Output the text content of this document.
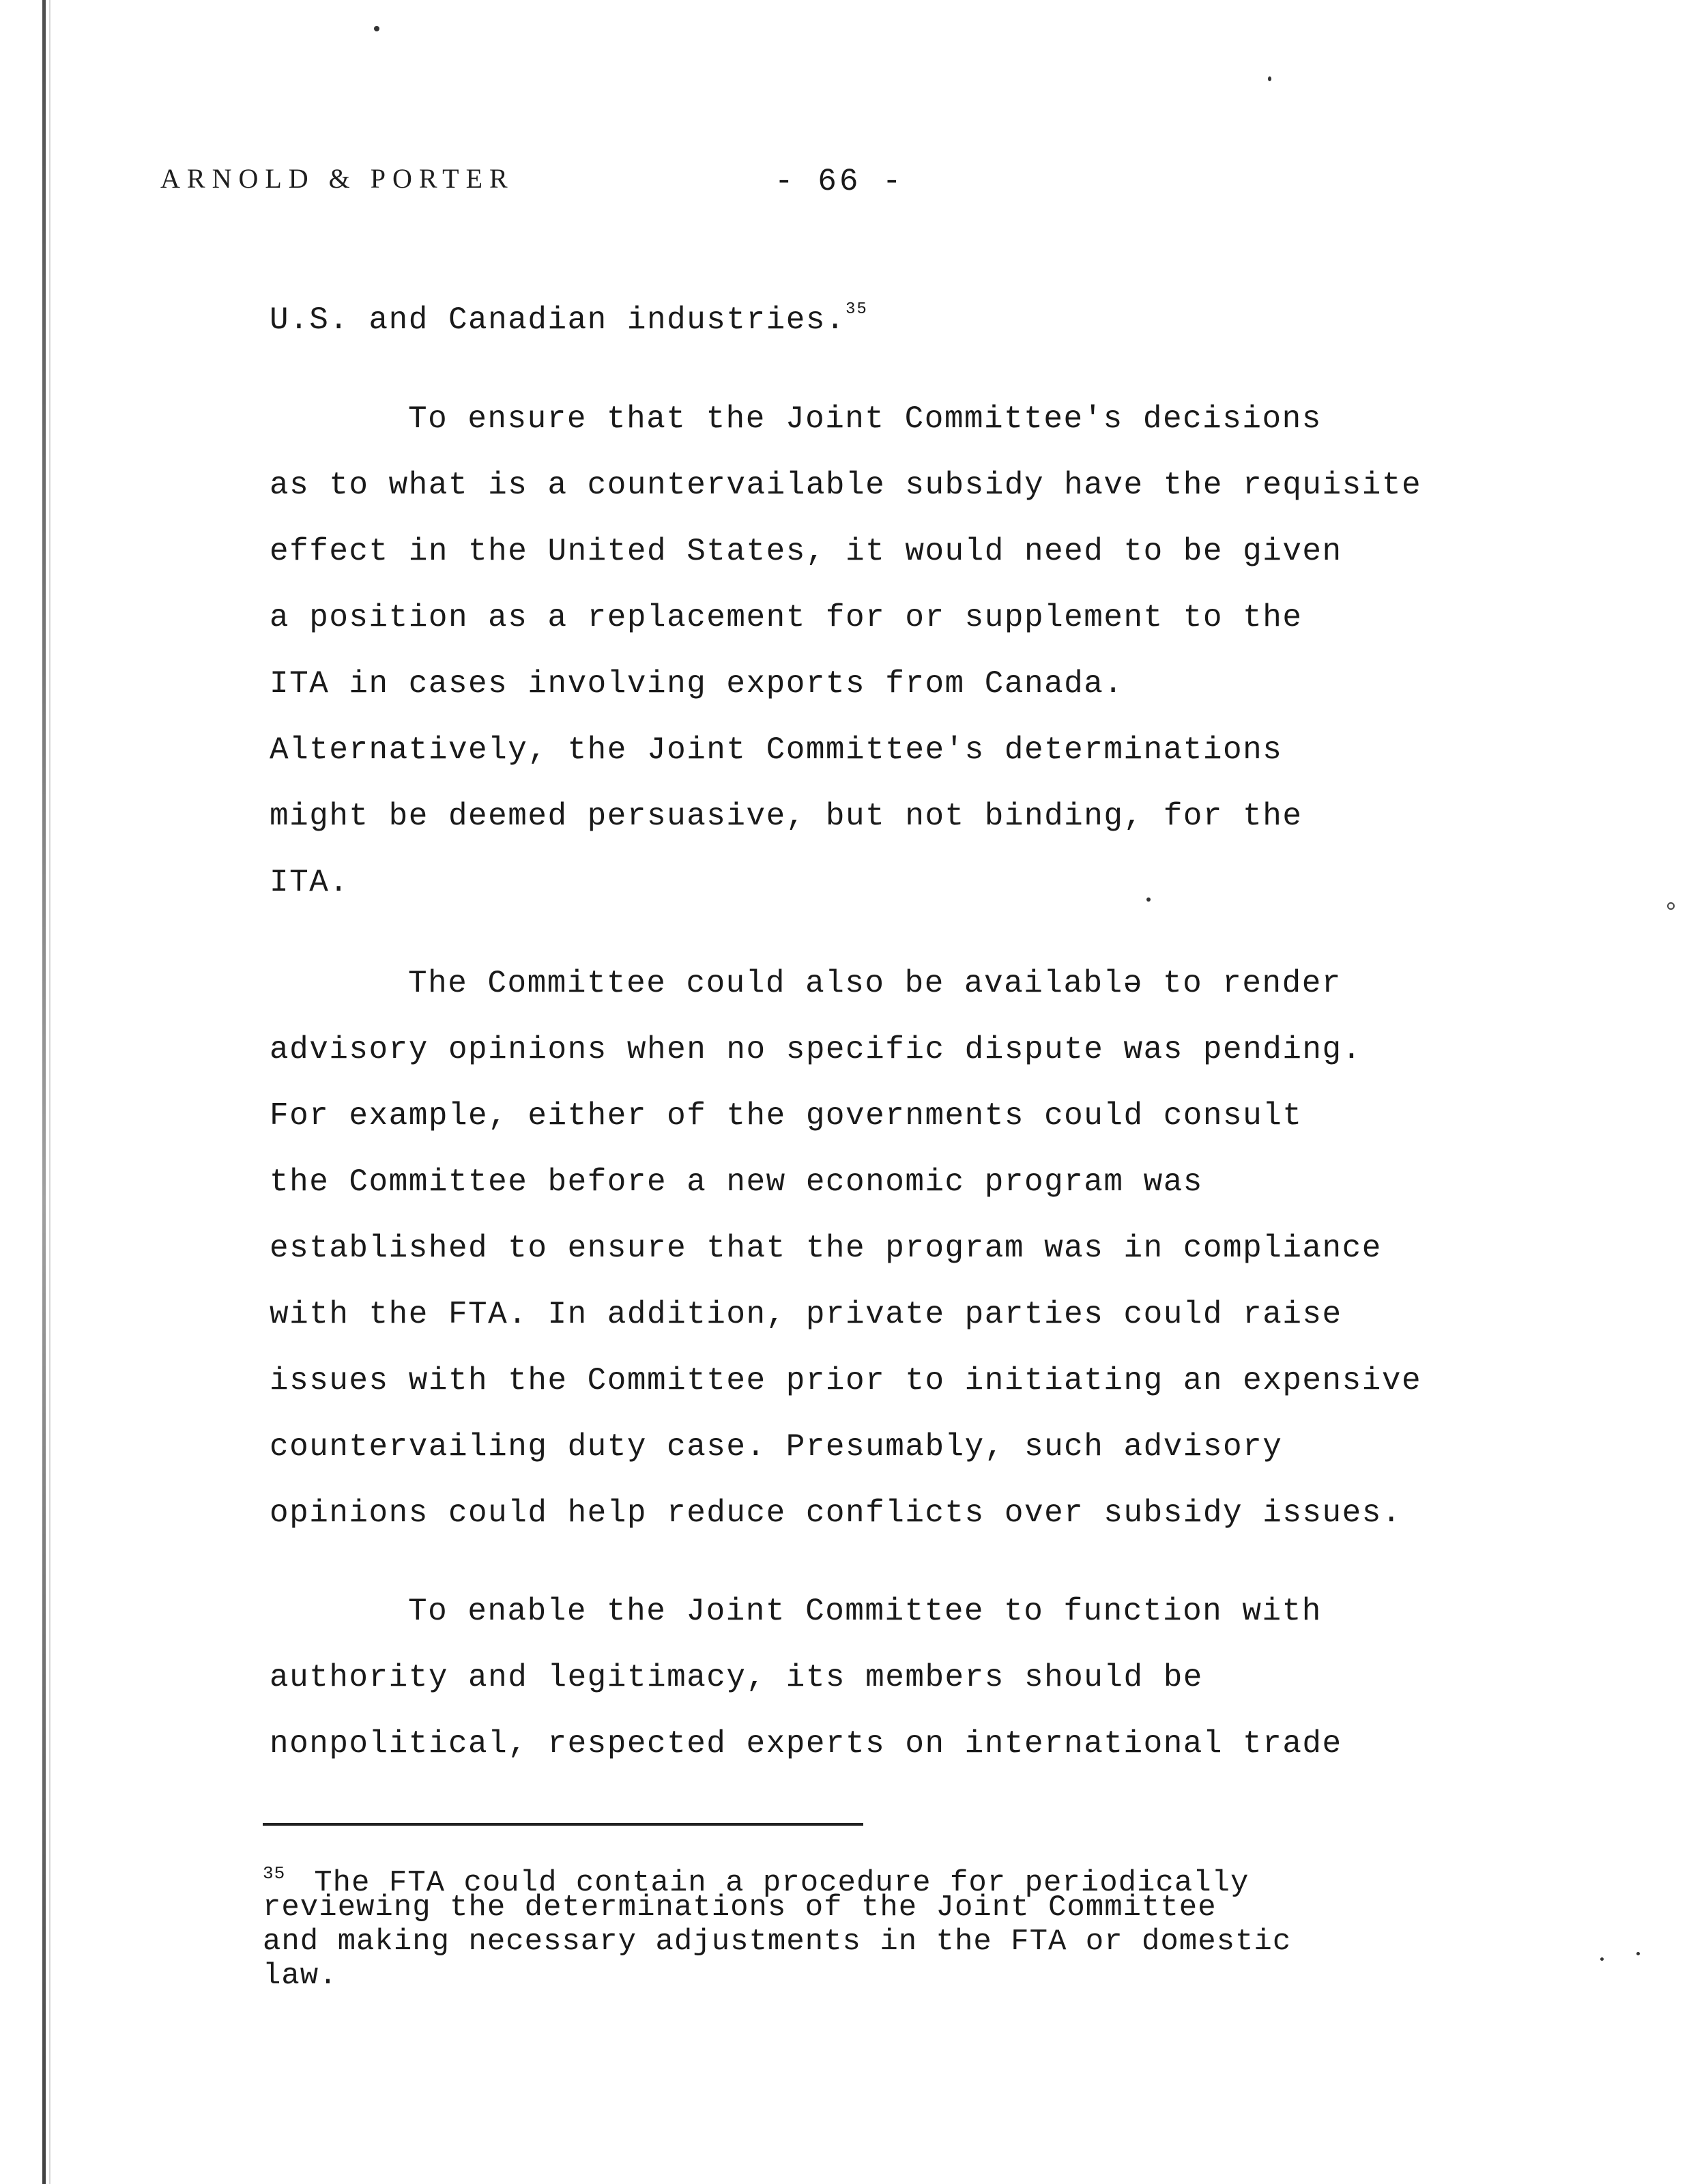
ARNOLD & PORTER	- 66 -
U.S. and Canadian industries.$^{35}$
To ensure that the Joint Committee's decisions
as to what is a countervailable subsidy have the requisite
effect in the United States, it would need to be given
a position as a replacement for or supplement to the
ITA in cases involving exports from Canada.
Alternatively, the Joint Committee's determinations
might be deemed persuasive, but not binding, for the
ITA.
The Committee could also be availablə to render
advisory opinions when no specific dispute was pending.
For example, either of the governments could consult
the Committee before a new economic program was
established to ensure that the program was in compliance
with the FTA. In addition, private parties could raise
issues with the Committee prior to initiating an expensive
countervailing duty case. Presumably, such advisory
opinions could help reduce conflicts over subsidy issues.
To enable the Joint Committee to function with
authority and legitimacy, its members should be
nonpolitical, respected experts on international trade
$^{35}$ The FTA could contain a procedure for periodically
reviewing the determinations of the Joint Committee
and making necessary adjustments in the FTA or domestic
law.
